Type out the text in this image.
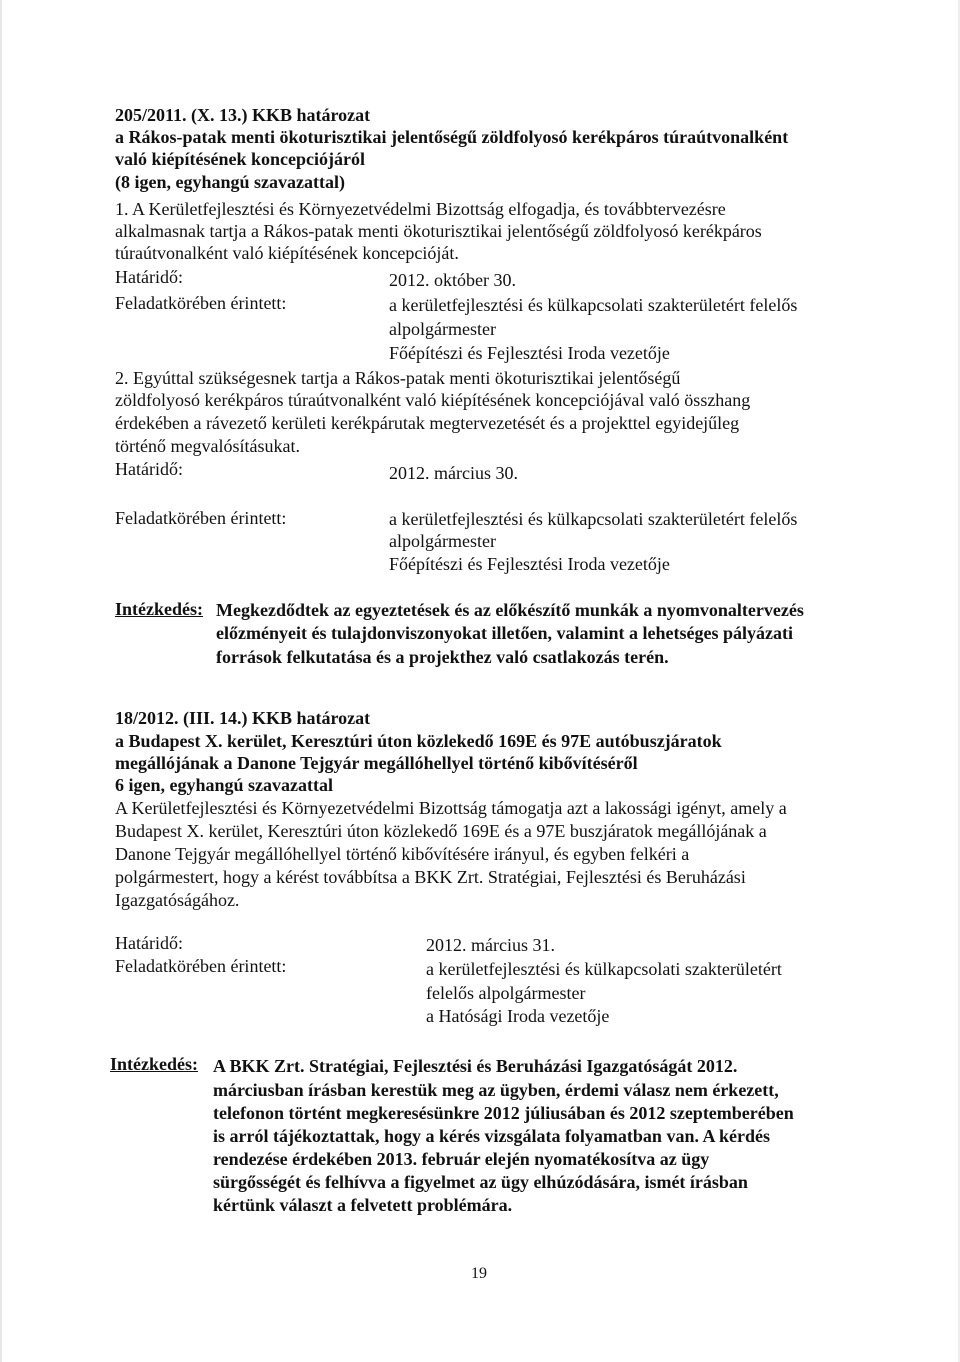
205/2011. (X. 13.) KKB határozat
a Rákos-patak menti ökoturisztikai jelentőségű zöldfolyosó kerékpáros túraútvonalként
való kiépítésének koncepciójáról
(8 igen, egyhangú szavazattal)
1. A Kerületfejlesztési és Környezetvédelmi Bizottság elfogadja, és továbbtervezésre
alkalmasnak tartja a Rákos-patak menti ökoturisztikai jelentőségű zöldfolyosó kerékpáros
túraútvonalként való kiépítésének koncepcióját.
Határidő:	2012. október 30.
Feladatkörében érintett:	a kerületfejlesztési és külkapcsolati szakterületért felelős
alpolgármester
Főépítészi és Fejlesztési Iroda vezetője
2. Egyúttal szükségesnek tartja a Rákos-patak menti ökoturisztikai jelentőségű
zöldfolyosó kerékpáros túraútvonalként való kiépítésének koncepciójával való összhang
érdekében a rávezető kerületi kerékpárutak megtervezetését és a projekttel egyidejűleg
történő megvalósításukat.
Határidő:	2012. március 30.
Feladatkörében érintett:	a kerületfejlesztési és külkapcsolati szakterületért felelős
alpolgármester
Főépítészi és Fejlesztési Iroda vezetője
Intézkedés: Megkezdődtek az egyeztetések és az előkészítő munkák a nyomvonaltervezés
előzményeit és tulajdonviszonyokat illetően, valamint a lehetséges pályázati
források felkutatása és a projekthez való csatlakozás terén.
18/2012. (III. 14.) KKB határozat
a Budapest X. kerület, Keresztúri úton közlekedő 169E és 97E autóbuszjáratok
megállójának a Danone Tejgyár megállóhellyel történő kibővítéséről
6 igen, egyhangú szavazattal
A Kerületfejlesztési és Környezetvédelmi Bizottság támogatja azt a lakossági igényt, amely a
Budapest X. kerület, Keresztúri úton közlekedő 169E és a 97E buszjáratok megállójának a
Danone Tejgyár megállóhellyel történő kibővítésére irányul, és egyben felkéri a
polgármestert, hogy a kérést továbbítsa a BKK Zrt. Stratégiai, Fejlesztési és Beruházási
Igazgatóságához.
Határidő:	2012. március 31.
Feladatkörében érintett:	a kerületfejlesztési és külkapcsolati szakterületért
felelős alpolgármester
a Hatósági Iroda vezetője
Intézkedés: A BKK Zrt. Stratégiai, Fejlesztési és Beruházási Igazgatóságát 2012.
márciusban írásban kerestük meg az ügyben, érdemi válasz nem érkezett,
telefonon történt megkeresésünkre 2012 júliusában és 2012 szeptemberében
is arról tájékoztattak, hogy a kérés vizsgálata folyamatban van. A kérdés
rendezése érdekében 2013. február elején nyomatékosítva az ügy
sürgősségét és felhívva a figyelmet az ügy elhúzódására, ismét írásban
kértünk választ a felvetett problémára.
19
